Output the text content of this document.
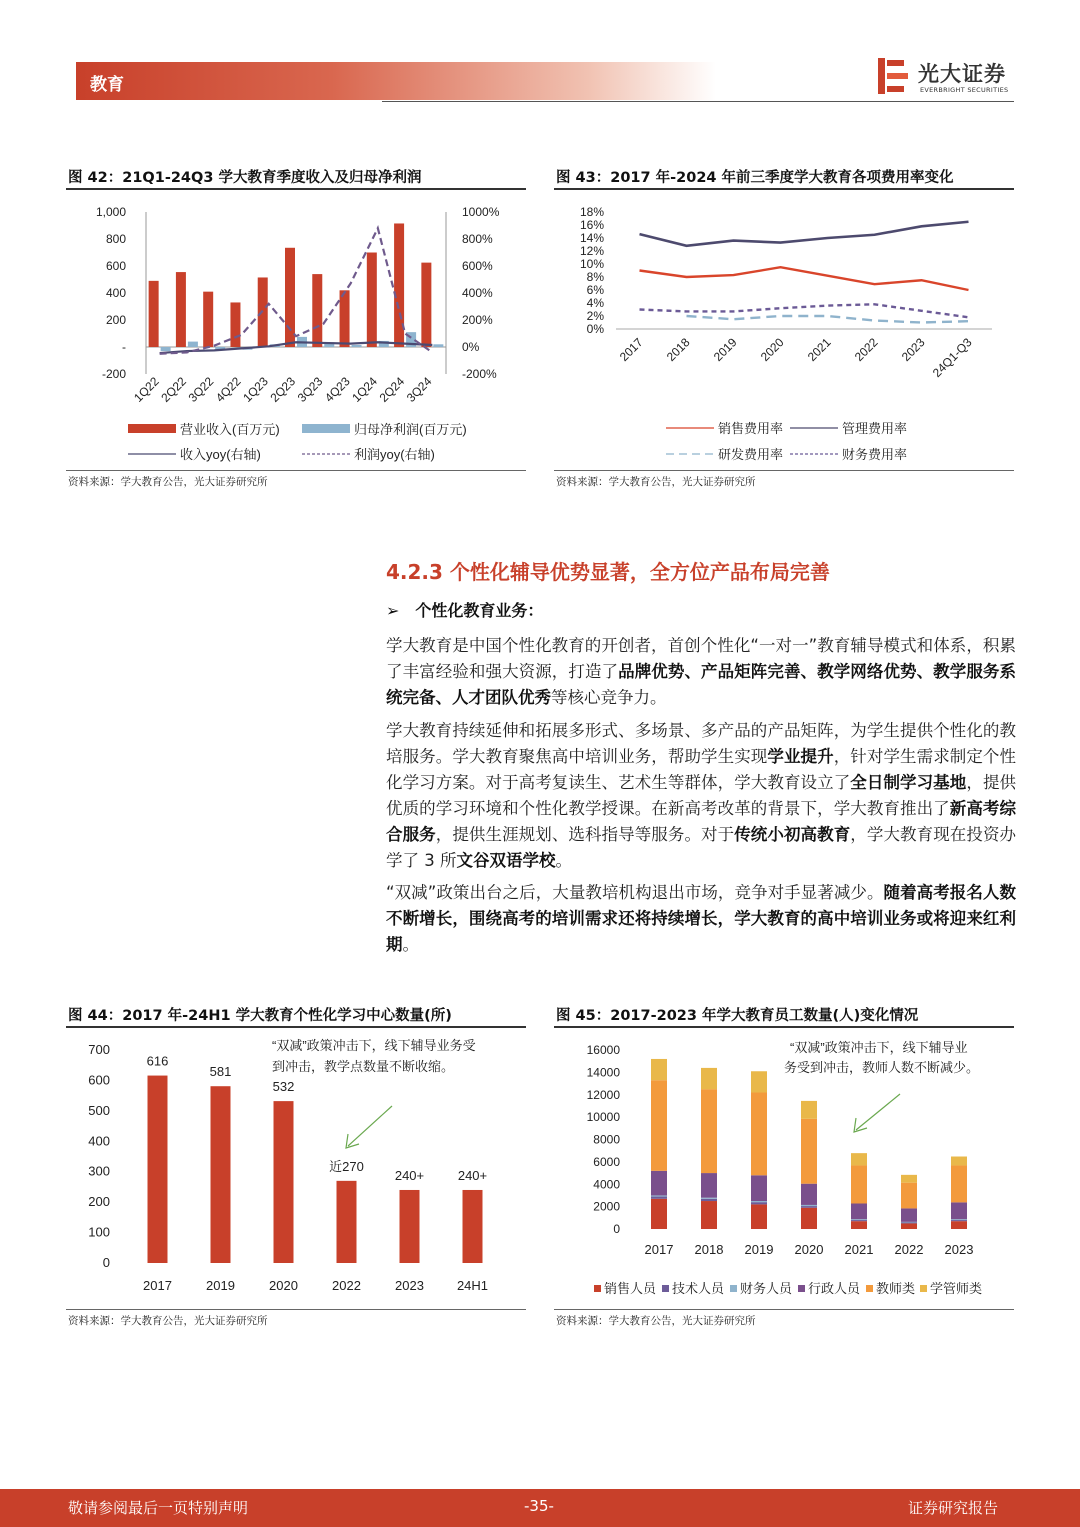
教育	光大证券
EVERBRIGHT SECURITIES
图 42：21Q1-24Q3 学大教育季度收入及归母净利润
1,000
800
600
400
200
-
-200
1000%
800%
600%
400%
200%
0%
-200%
1Q22
2Q22
3Q22
4Q22
1Q23
2Q23
3Q23
4Q23
1Q24
2Q24
3Q24
营业收入(百万元)	归母净利润(百万元)
收入yoy(右轴)	利润yoy(右轴)
资料来源：学大教育公告，光大证券研究所
图 43：2017 年-2024 年前三季度学大教育各项费用率变化
18%
16%
14%
12%
10%
8%
6%
4%
2%
0%
2017 2018 2019 2020 2021 2022 2023 24Q1-Q3
销售费用率	管理费用率
研发费用率	财务费用率
资料来源：学大教育公告，光大证券研究所
4.2.3 个性化辅导优势显著，全方位产品布局完善
➢ 个性化教育业务：
学大教育是中国个性化教育的开创者，首创个性化“一对一”教育辅导模式和体系，积累了丰富经验和强大资源，打造了品牌优势、产品矩阵完善、教学网络优势、教学服务系统完备、人才团队优秀等核心竞争力。
学大教育持续延伸和拓展多形式、多场景、多产品的产品矩阵，为学生提供个性化的教培服务。学大教育聚焦高中培训业务，帮助学生实现学业提升，针对学生需求制定个性化学习方案。对于高考复读生、艺术生等群体，学大教育设立了全日制学习基地，提供优质的学习环境和个性化教学授课。在新高考改革的背景下，学大教育推出了新高考综合服务，提供生涯规划、选科指导等服务。对于传统小初高教育，学大教育现在投资办学了 3 所文谷双语学校。
“双减”政策出台之后，大量教培机构退出市场，竞争对手显著减少。随着高考报名人数不断增长，围绕高考的培训需求还将持续增长，学大教育的高中培训业务或将迎来红利期。
图 44：2017 年-24H1 学大教育个性化学习中心数量(所)
700
600
500
400
300
200
100
0
616
581
532
近270
240+	240+
2017	2019	2020	2022	2023	24H1
“双减”政策冲击下，线下辅导业务受
到冲击，教学点数量不断收缩。
资料来源：学大教育公告，光大证券研究所
图 45：2017-2023 年学大教育员工数量(人)变化情况
16000
14000
12000
10000
8000
6000
4000
2000
0
2017 2018 2019 2020 2021 2022 2023
“双减”政策冲击下，线下辅导业
务受到冲击，教师人数不断减少。
销售人员 技术人员 财务人员 行政人员 教师类 学管师类
资料来源：学大教育公告，光大证券研究所
敬请参阅最后一页特别声明	-35-	证券研究报告
